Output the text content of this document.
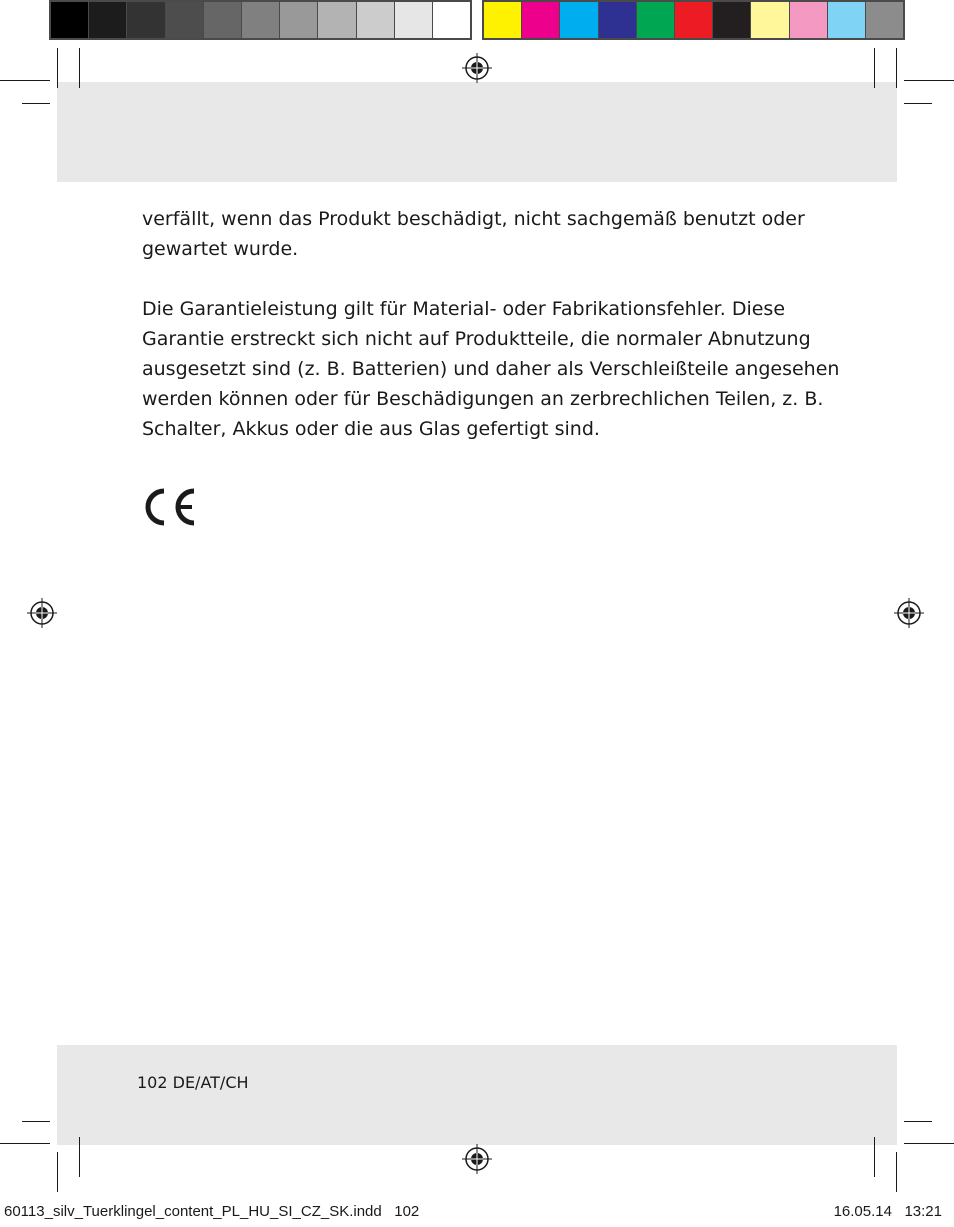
verfällt, wenn das Produkt beschädigt, nicht sachgemäß benutzt oder gewartet wurde.

Die Garantieleistung gilt für Material- oder Fabrikationsfehler. Diese Garantie erstreckt sich nicht auf Produktteile, die normaler Abnutzung ausgesetzt sind (z. B. Batterien) und daher als Verschleißteile angesehen werden können oder für Beschädigungen an zerbrechlichen Teilen, z. B. Schalter, Akkus oder die aus Glas gefertigt sind.

102 DE/AT/CH
60113_silv_Tuerklingel_content_PL_HU_SI_CZ_SK.indd   102	16.05.14   13:21
